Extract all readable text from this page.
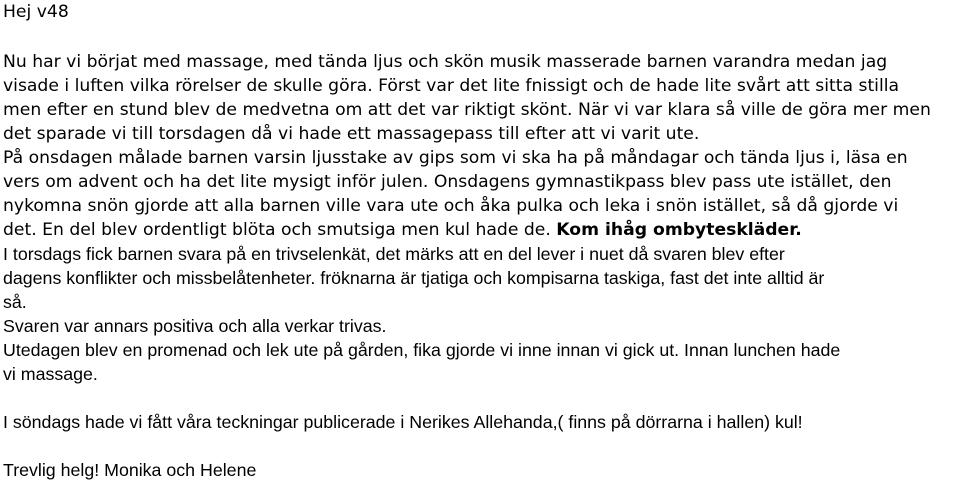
Hej v48
Nu har vi börjat med massage, med tända ljus och skön musik masserade barnen varandra medan jag
visade i luften vilka rörelser de skulle göra. Först var det lite fnissigt och de hade lite svårt att sitta stilla
men efter en stund blev de medvetna om att det var riktigt skönt. När vi var klara så ville de göra mer men
det sparade vi till torsdagen då vi hade ett massagepass till efter att vi varit ute.
På onsdagen målade barnen varsin ljusstake av gips som vi ska ha på måndagar och tända ljus i, läsa en
vers om advent och ha det lite mysigt inför julen. Onsdagens gymnastikpass blev pass ute istället, den
nykomna snön gjorde att alla barnen ville vara ute och åka pulka och leka i snön istället, så då gjorde vi
det. En del blev ordentligt blöta och smutsiga men kul hade de. Kom ihåg ombyteskläder.
I torsdags fick barnen svara på en trivselenkät, det märks att en del lever i nuet då svaren blev efter
dagens konflikter och missbelåtenheter. fröknarna är tjatiga och kompisarna taskiga, fast det inte alltid är
så.
Svaren var annars positiva och alla verkar trivas.
Utedagen blev en promenad och lek ute på gården, fika gjorde vi inne innan vi gick ut. Innan lunchen hade
vi massage.
I söndags hade vi fått våra teckningar publicerade i Nerikes Allehanda,( finns på dörrarna i hallen) kul!
Trevlig helg! Monika och Helene
